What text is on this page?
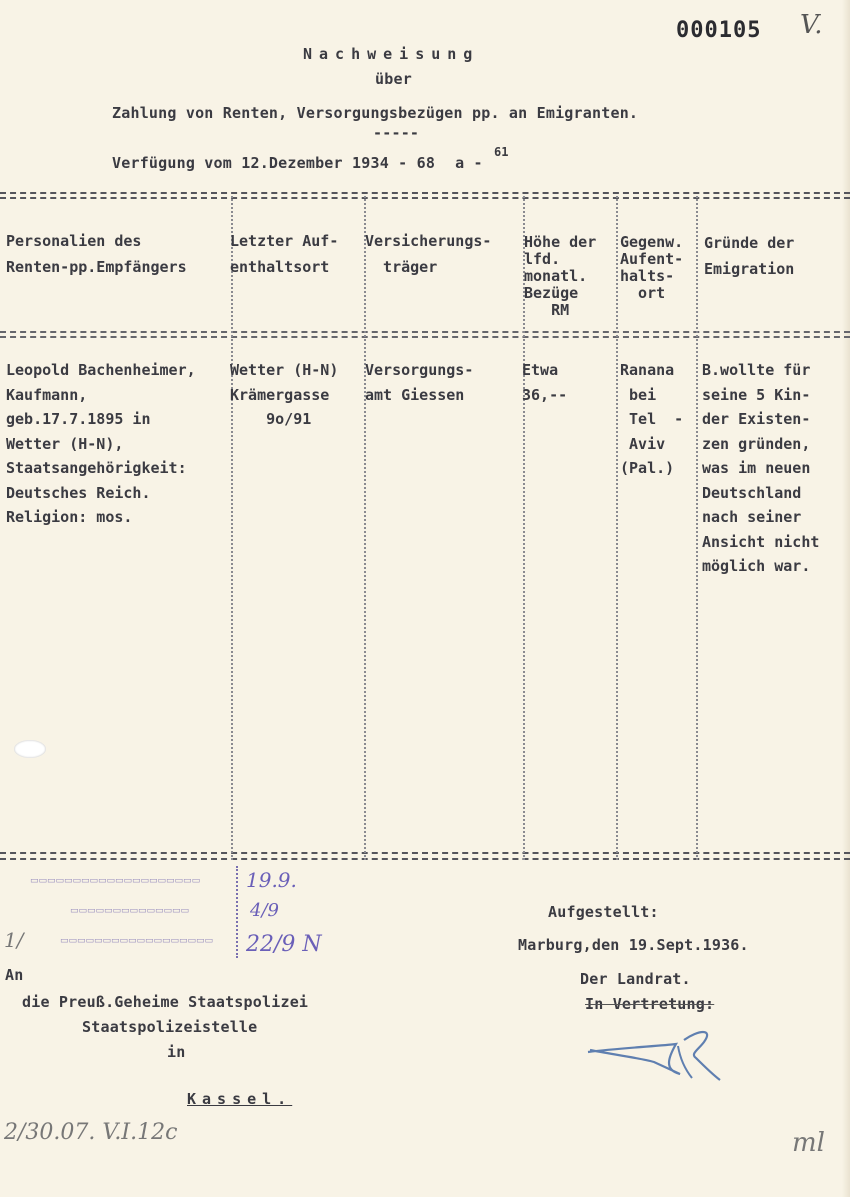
000105 V.
Nachweisung
über
Zahlung von Renten, Versorgungsbezügen pp. an Emigranten.
-----
Verfügung vom 12.Dezember 1934 - 68 a -
61
Personalien des
Renten-pp.Empfängers
Letzter Auf-
enthaltsort
Versicherungs-
träger
Höhe der
lfd.
monatl.
Bezüge
RM
Gegenw.
Aufent-
halts-
ort
Gründe der
Emigration
Leopold Bachenheimer,
Kaufmann,
geb.17.7.1895 in
Wetter (H-N),
Staatsangehörigkeit:
Deutsches Reich.
Religion: mos.
Wetter (H-N)
Krämergasse
9o/91
Versorgungs-
amt Giessen
Etwa
36,--
Ranana
bei
Tel  -
Aviv
(Pal.)
B.wollte für
seine 5 Kin-
der Existen-
zen gründen,
was im neuen
Deutschland
nach seiner
Ansicht nicht
möglich war.
▭▭▭▭▭▭▭▭▭▭▭▭▭▭▭▭▭▭▭▭
▭▭▭▭▭▭▭▭▭▭▭▭▭▭
▭▭▭▭▭▭▭▭▭▭▭▭▭▭▭▭▭▭
19.9.
4/9
22/9 N
1/
An
die Preuß.Geheime Staatspolizei
Staatspolizeistelle
in
Kassel.
Aufgestellt:
Marburg,den 19.Sept.1936.
Der Landrat.
In Vertretung:
2/30.07. V.I.12c	ml
